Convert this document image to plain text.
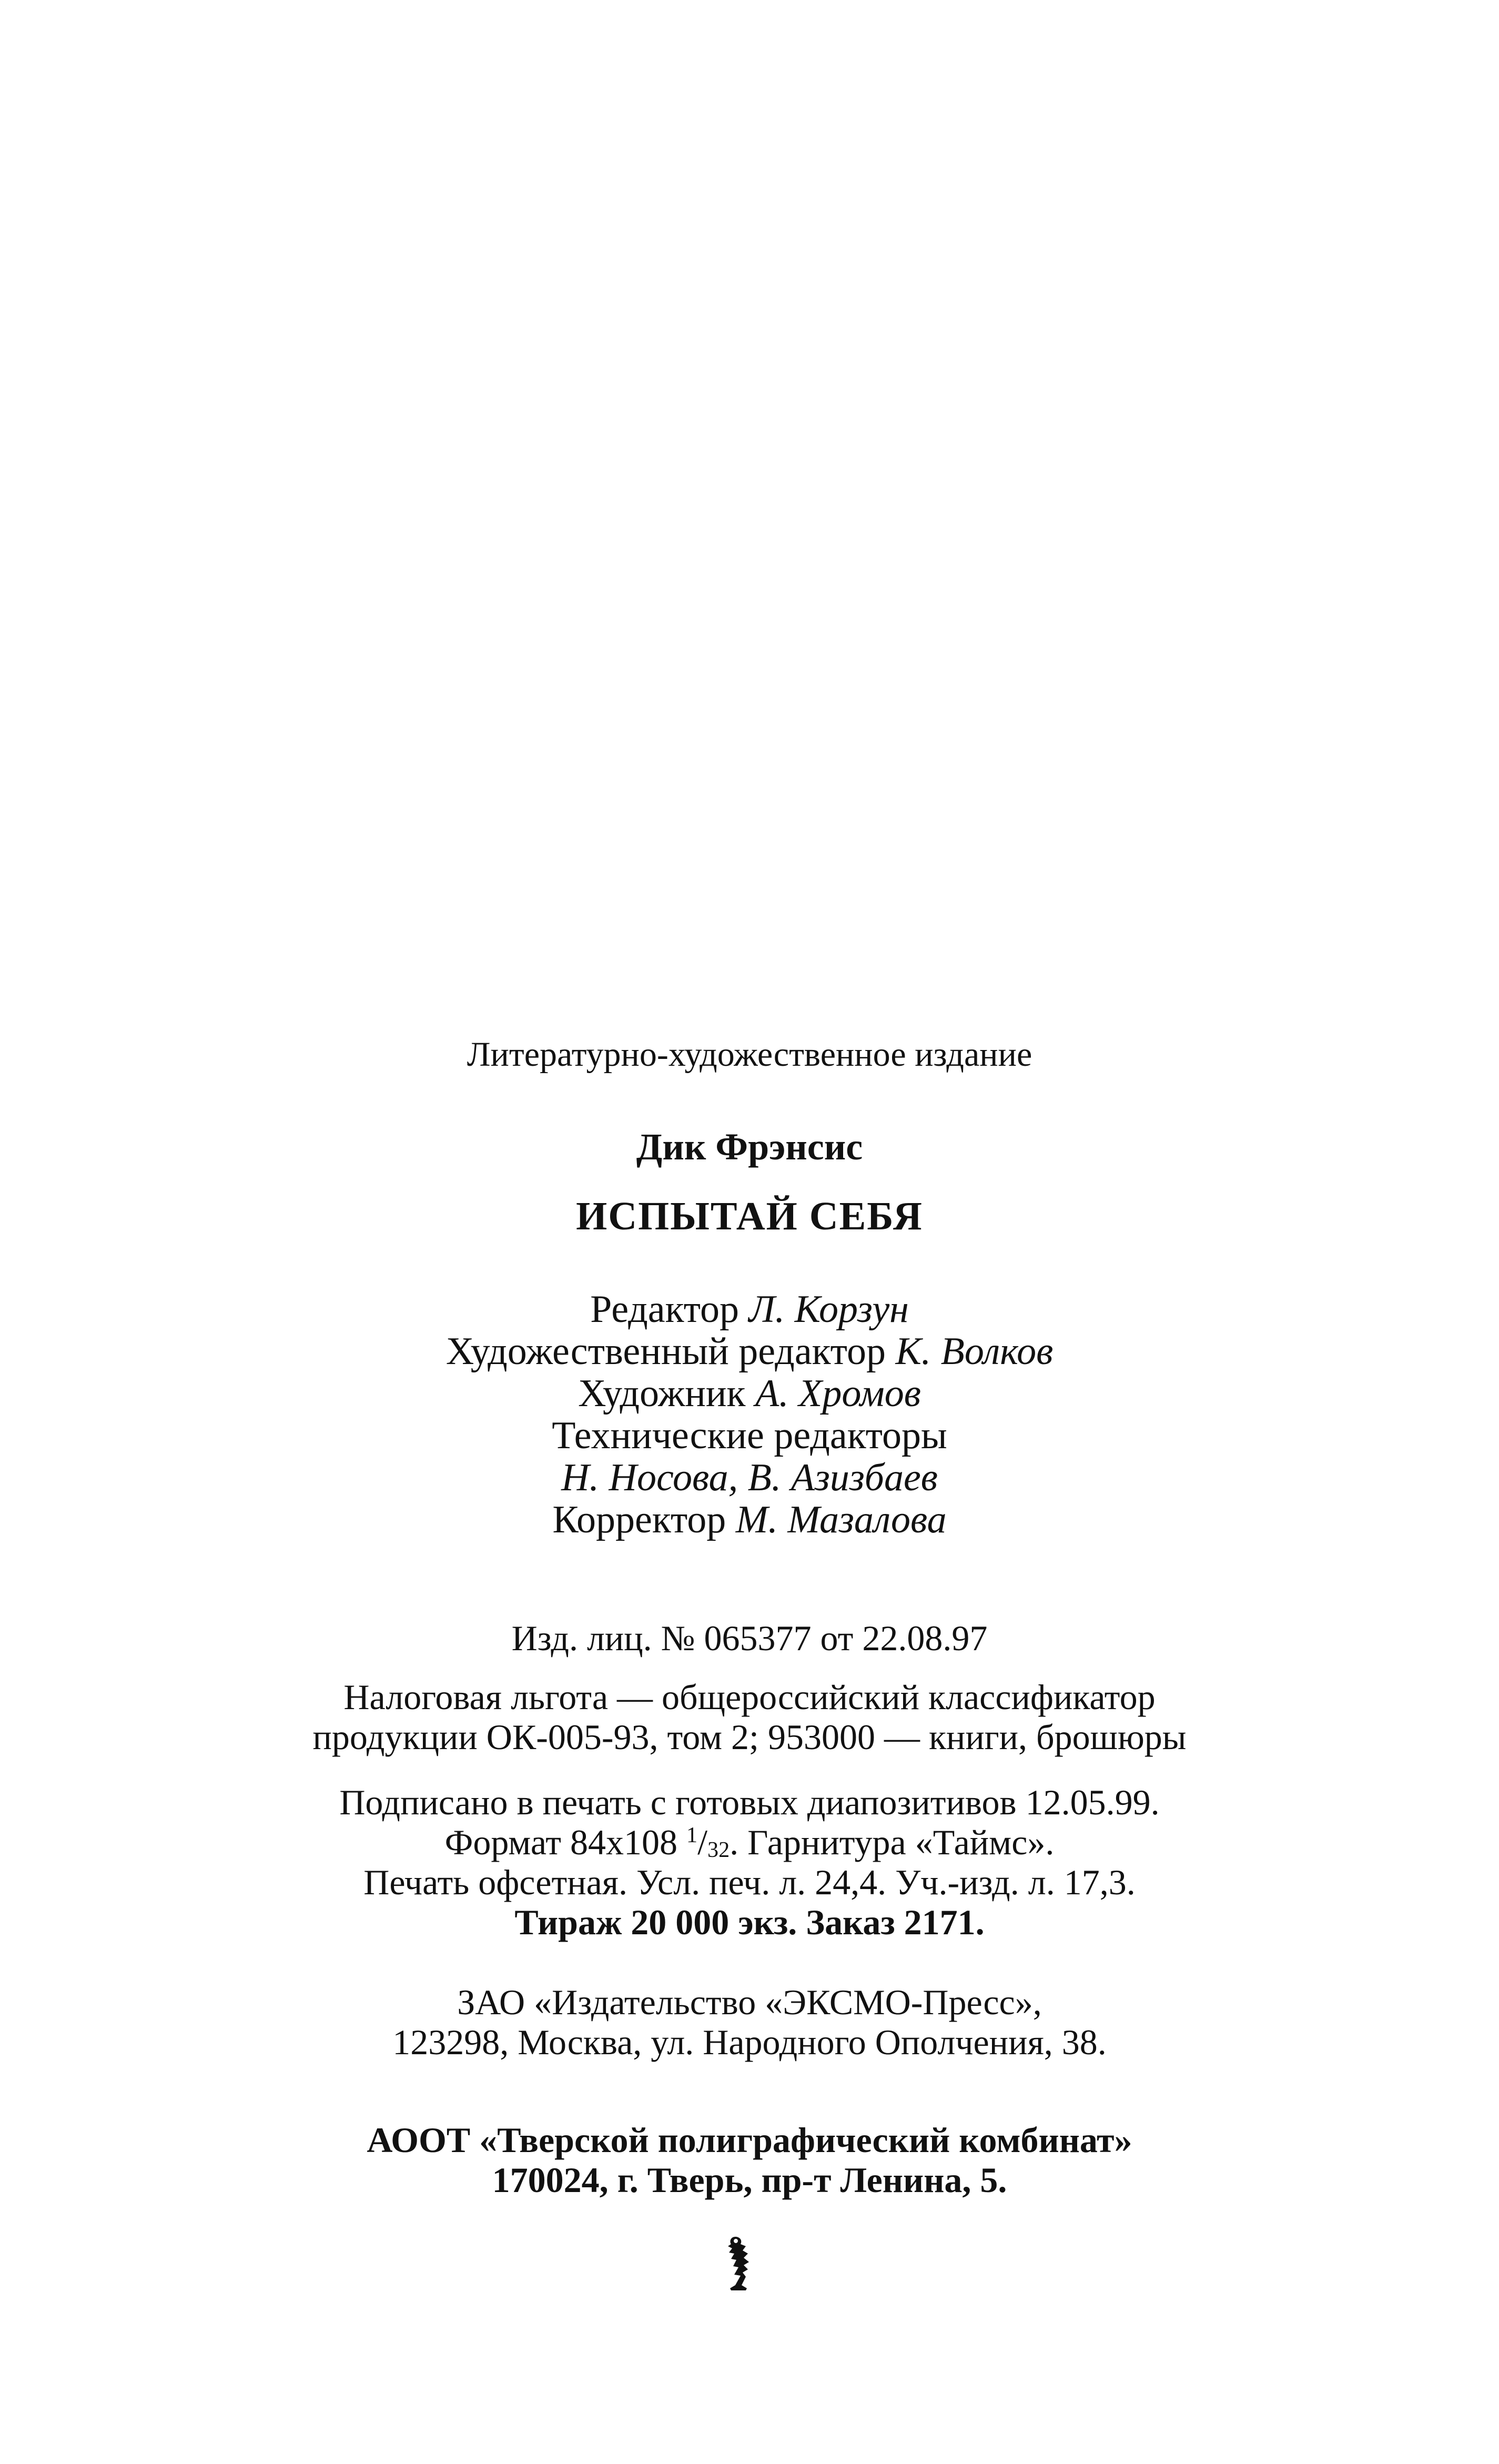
Литературно-художественное издание
Дик Фрэнсис
ИСПЫТАЙ СЕБЯ
Редактор Л. Корзун
Художественный редактор К. Волков
Художник А. Хромов
Технические редакторы
Н. Носова, В. Азизбаев
Корректор М. Мазалова
Изд. лиц. № 065377 от 22.08.97
Налоговая льгота — общероссийский классификатор
продукции ОК-005-93, том 2; 953000 — книги, брошюры
Подписано в печать с готовых диапозитивов 12.05.99.
Формат 84x108 $^1$/32. Гарнитура «Таймс».
Печать офсетная. Усл. печ. л. 24,4. Уч.-изд. л. 17,3.
Тираж 20 000 экз. Заказ 2171.
ЗАО «Издательство «ЭКСМО-Пресс»,
123298, Москва, ул. Народного Ополчения, 38.
АООТ «Тверской полиграфический комбинат»
170024, г. Тверь, пр-т Ленина, 5.
